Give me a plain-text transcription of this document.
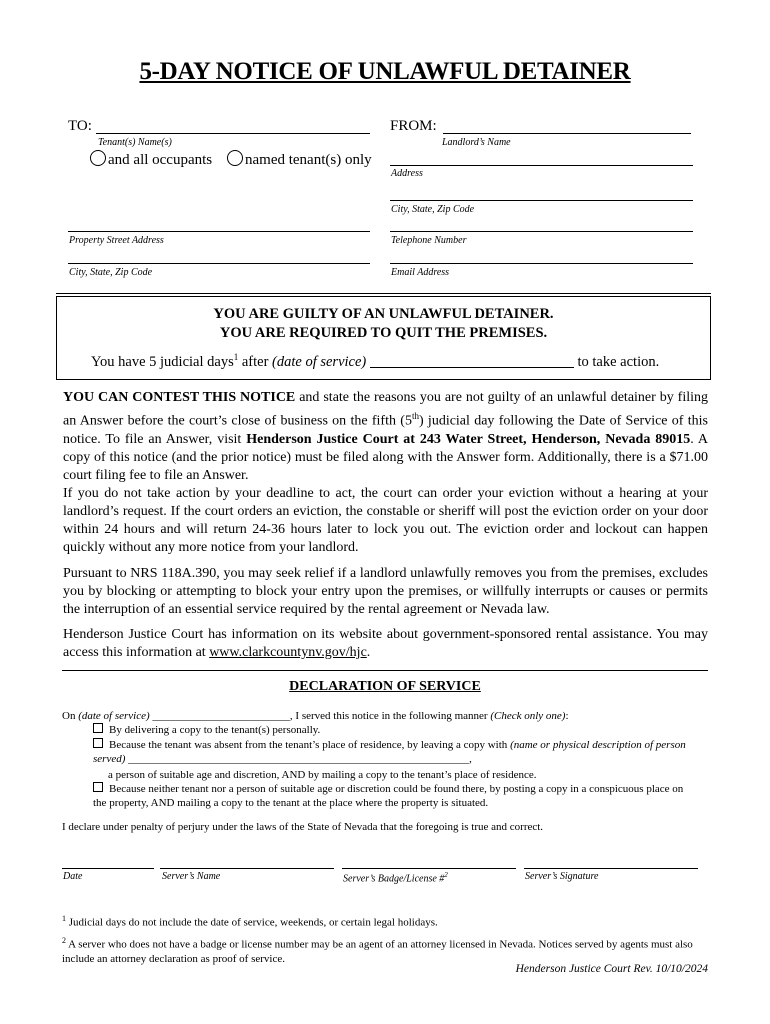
5-DAY NOTICE OF UNLAWFUL DETAINER
TO:
Tenant(s) Name(s)
FROM:
Landlord’s Name
and all occupants	named tenant(s) only
Address
City, State, Zip Code
Property Street Address	Telephone Number
City, State, Zip Code	Email Address
YOU ARE GUILTY OF AN UNLAWFUL DETAINER.
YOU ARE REQUIRED TO QUIT THE PREMISES.
You have 5 judicial days$^1$ after (date of service)	to take action.
YOU CAN CONTEST THIS NOTICE and state the reasons you are not guilty of an unlawful detainer by filing an Answer before the court’s close of business on the fifth (5th) judicial day following the Date of Service of this notice. To file an Answer, visit Henderson Justice Court at 243 Water Street, Henderson, Nevada 89015. A copy of this notice (and the prior notice) must be filed along with the Answer form. Additionally, there is a $71.00 court filing fee to file an Answer.
If you do not take action by your deadline to act, the court can order your eviction without a hearing at your landlord’s request. If the court orders an eviction, the constable or sheriff will post the eviction order on your door within 24 hours and will return 24-36 hours later to lock you out. The eviction order and lockout can happen quickly without any more notice from your landlord.
Pursuant to NRS 118A.390, you may seek relief if a landlord unlawfully removes you from the premises, excludes you by blocking or attempting to block your entry upon the premises, or willfully interrupts or causes or permits the interruption of an essential service required by the rental agreement or Nevada law.
Henderson Justice Court has information on its website about government-sponsored rental assistance. You may access this information at www.clarkcountynv.gov/hjc.
DECLARATION OF SERVICE
On (date of service) _________________________, I served this notice in the following manner (Check only one):
By delivering a copy to the tenant(s) personally.
Because the tenant was absent from the tenant’s place of residence, by leaving a copy with (name or physical description of person served) ______________________________________________________________,
a person of suitable age and discretion, AND by mailing a copy to the tenant’s place of residence.
Because neither tenant nor a person of suitable age or discretion could be found there, by posting a copy in a conspicuous place on the property, AND mailing a copy to the tenant at the place where the property is situated.
I declare under penalty of perjury under the laws of the State of Nevada that the foregoing is true and correct.
Date	Server’s Name	Server’s Badge/License #$^2$	Server’s Signature
$^1$ Judicial days do not include the date of service, weekends, or certain legal holidays.
$^2$ A server who does not have a badge or license number may be an agent of an attorney licensed in Nevada. Notices served by agents must also include an attorney declaration as proof of service.
Henderson Justice Court Rev. 10/10/2024
